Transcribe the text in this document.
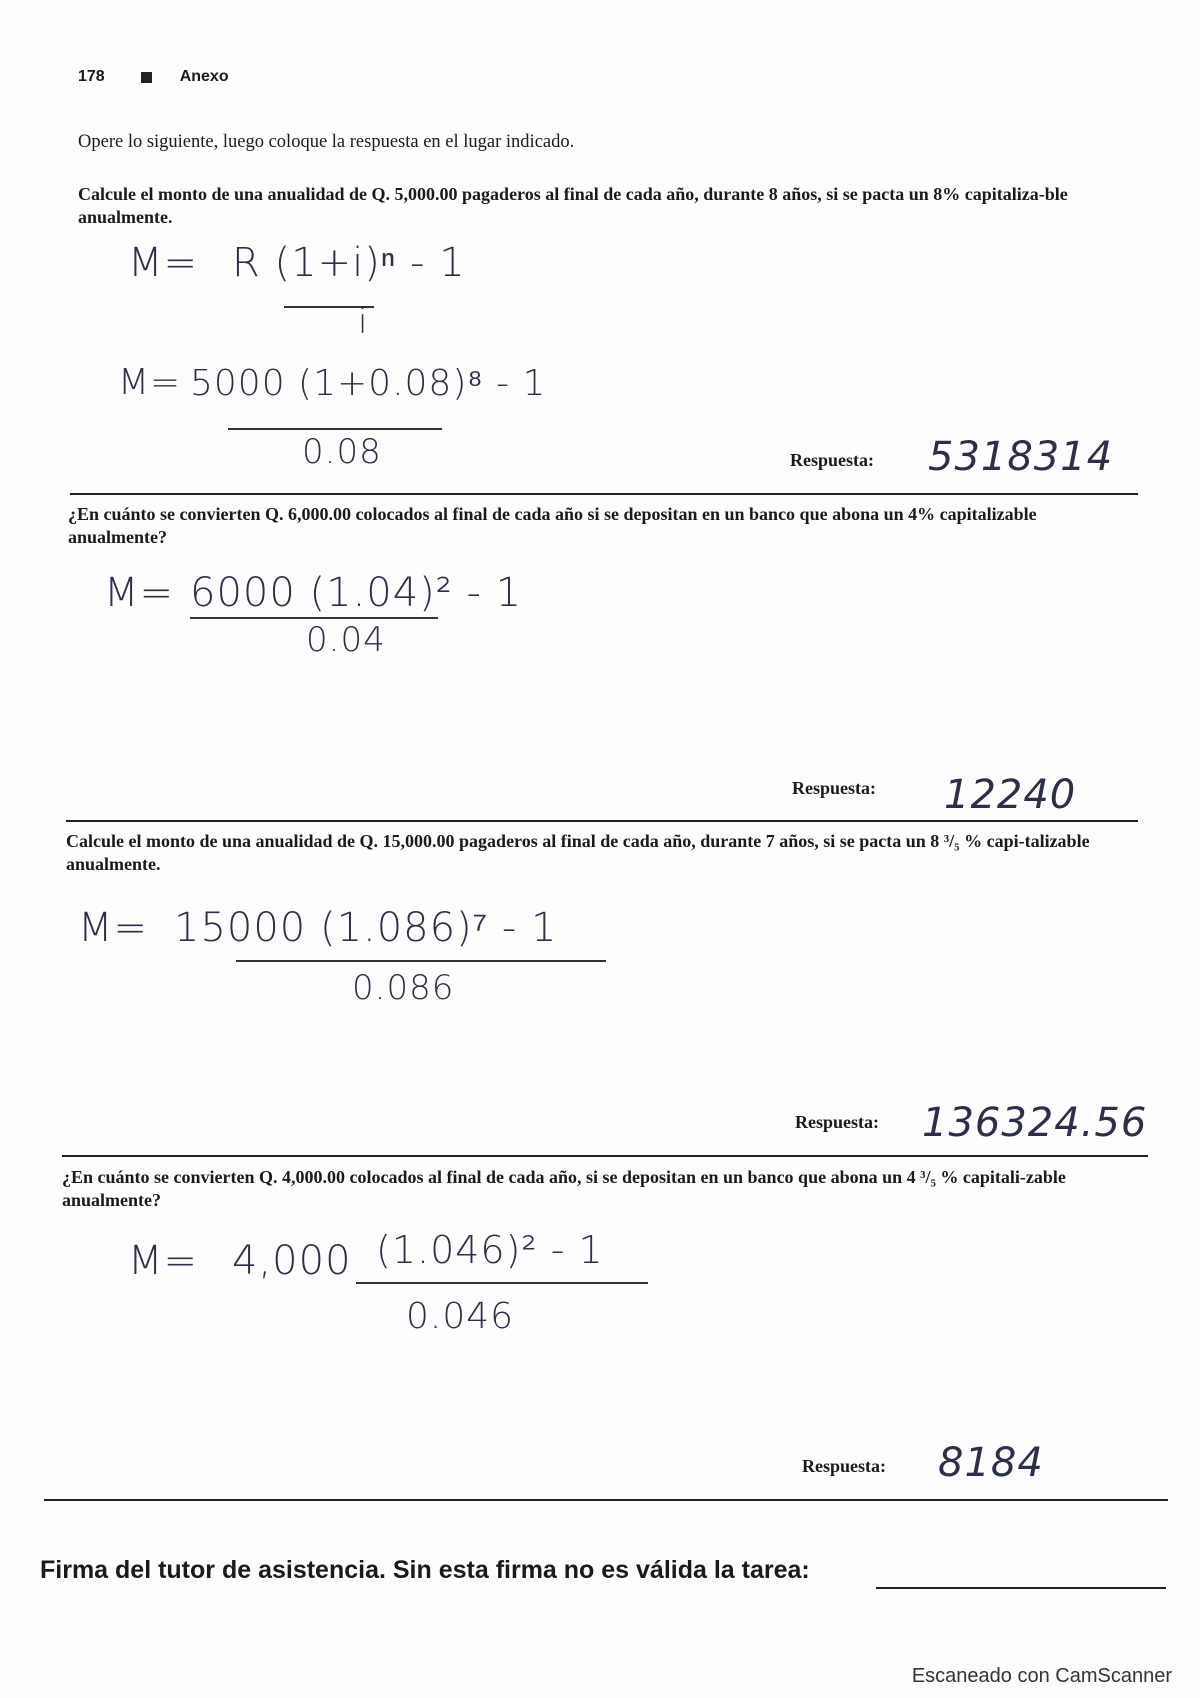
178	Anexo
Opere lo siguiente, luego coloque la respuesta en el lugar indicado.
Calcule el monto de una anualidad de Q. 5,000.00 pagaderos al final de cada año, durante 8 años, si se pacta un 8% capitaliza-ble anualmente.
M= R (1+i)ⁿ - 1
i
M= 5000 (1+0.08)⁸ - 1
0.08	Respuesta: 5318314
¿En cuánto se convierten Q. 6,000.00 colocados al final de cada año si se depositan en un banco que abona un 4% capitalizable anualmente?
M= 6000 (1.04)² - 1
0.04
Respuesta: 12240
Calcule el monto de una anualidad de Q. 15,000.00 pagaderos al final de cada año, durante 7 años, si se pacta un 8 ³/₅ % capi-talizable anualmente.
M= 15000 (1.086)⁷ - 1
0.086
Respuesta: 136324.56
¿En cuánto se convierten Q. 4,000.00 colocados al final de cada año, si se depositan en un banco que abona un 4 ³/₅ % capitali-zable anualmente?
M= 4,000 (1.046)² - 1
0.046
Respuesta: 8184
Firma del tutor de asistencia. Sin esta firma no es válida la tarea:
Escaneado con CamScanner
